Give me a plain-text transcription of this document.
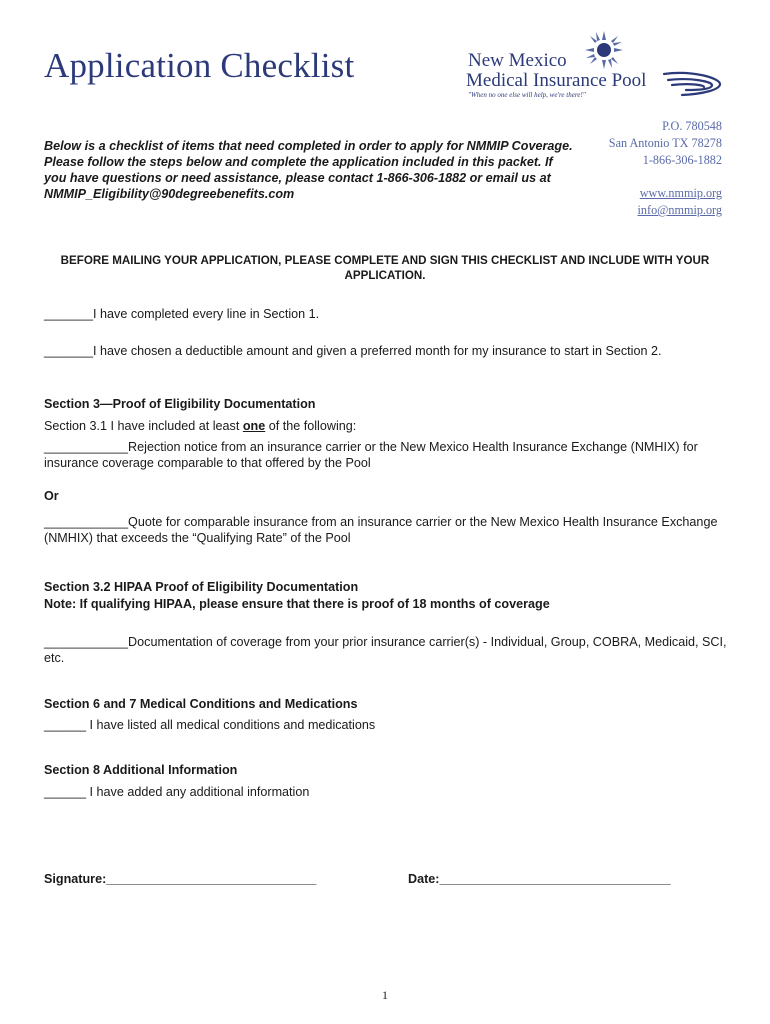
Application Checklist	New Mexico
Medical Insurance Pool
"When no one else will help, we're there!"

Below is a checklist of items that need completed in order to apply for NMMIP Coverage. Please follow the steps below and complete the application included in this packet. If you have questions or need assistance, please contact 1-866-306-1882 or email us at NMMIP_Eligibility@90degreebenefits.com

P.O. 780548
San Antonio TX 78278
1-866-306-1882
www.nmmip.org
info@nmmip.org

BEFORE MAILING YOUR APPLICATION, PLEASE COMPLETE AND SIGN THIS CHECKLIST AND INCLUDE WITH YOUR APPLICATION.

_______I have completed every line in Section 1.

_______I have chosen a deductible amount and given a preferred month for my insurance to start in Section 2.

Section 3—Proof of Eligibility Documentation

Section 3.1 I have included at least one of the following:

____________Rejection notice from an insurance carrier or the New Mexico Health Insurance Exchange (NMHIX) for insurance coverage comparable to that offered by the Pool

Or

____________Quote for comparable insurance from an insurance carrier or the New Mexico Health Insurance Exchange (NMHIX) that exceeds the “Qualifying Rate” of the Pool

Section 3.2 HIPAA Proof of Eligibility Documentation

Note: If qualifying HIPAA, please ensure that there is proof of 18 months of coverage

____________Documentation of coverage from your prior insurance carrier(s) - Individual, Group, COBRA, Medicaid, SCI, etc.

Section 6 and 7 Medical Conditions and Medications

______ I have listed all medical conditions and medications

Section 8 Additional Information

______ I have added any additional information

Signature:______________________________	Date:_________________________________

1
